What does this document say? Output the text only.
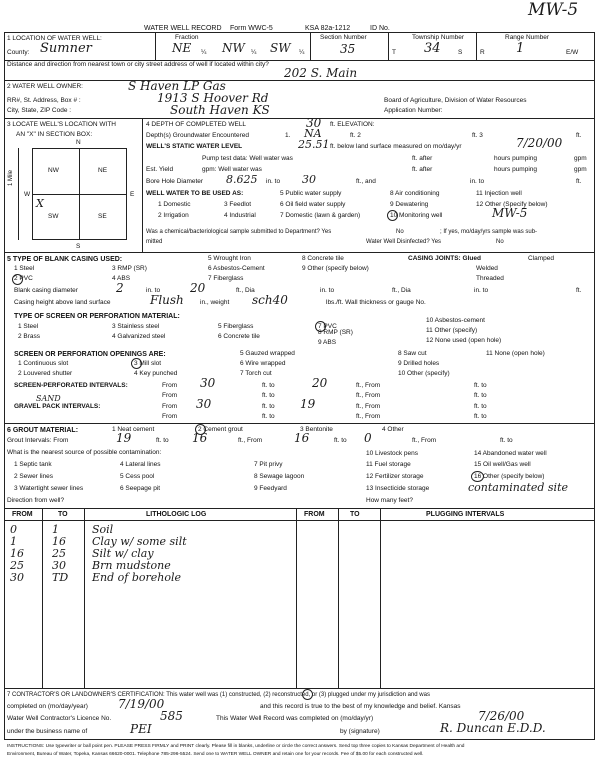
MW-5
WATER WELL RECORD Form WWC-5	KSA 82a-1212	ID No.
1 LOCATION OF WATER WELL:
County: Sumner
Fraction
NE ¼ NW ¼ SW ¼
Section Number
35
Township Number
T 34	S
Range Number
R 1	E/W
Distance and direction from nearest town or city street address of well if located within city?
202 S. Main
2 WATER WELL OWNER:	S Haven LP Gas
RR#, St. Address, Box # :	1913 S Hoover Rd
City, State, ZIP Code :	South Haven KS
Board of Agriculture, Division of Water Resources
Application Number:
3 LOCATE WELL'S LOCATION WITH
AN "X" IN SECTION BOX:
N
S
W	E
NW	NE
SW	SE
X
1 Mile
4 DEPTH OF COMPLETED WELL	30 ft. ELEVATION:
Depth(s) Groundwater Encountered	1. NA	ft. 2	ft. 3	ft.
WELL'S STATIC WATER LEVEL	25.51 ft. below land surface measured on mo/day/yr	7/20/00
Pump test data: Well water was	ft. after	hours pumping	gpm
Est. Yield	gpm: Well water was	ft. after	hours pumping	gpm
Bore Hole Diameter 8.625 in. to 30	ft., and	in. to	ft.
WELL WATER TO BE USED AS:	5 Public water supply	8 Air conditioning	11 Injection well
1 Domestic	3 Feedlot	6 Oil field water supply	9 Dewatering	12 Other (Specify below)
2 Irrigation	4 Industrial	7 Domestic (lawn & garden)	10 Monitoring well	MW-5
Was a chemical/bacteriological sample submitted to Department? Yes	No	; If yes, mo/day/yrs sample was sub-
mitted	Water Well Disinfected? Yes	No
5 TYPE OF BLANK CASING USED:	5 Wrought Iron	8 Concrete tile	CASING JOINTS: Glued	Clamped
1 Steel	3 RMP (SR)	6 Asbestos-Cement	9 Other (specify below)	Welded
2 PVC	4 ABS	7 Fiberglass	Threaded
Blank casing diameter	2	in. to 20	ft., Dia	in. to	ft., Dia	in. to	ft.
Casing height above land surface	Flush in., weight sch40	lbs./ft. Wall thickness or gauge No.
TYPE OF SCREEN OR PERFORATION MATERIAL:
1 Steel	3 Stainless steel	5 Fiberglass	7 PVC
10 Asbestos-cement
2 Brass	4 Galvanized steel	6 Concrete tile
8 RMP (SR)	11 Other (specify)
9 ABS	12 None used (open hole)
SCREEN OR PERFORATION OPENINGS ARE:	5 Gauzed wrapped	8 Saw cut	11 None (open hole)
1 Continuous slot	3 Mill slot	6 Wire wrapped	9 Drilled holes
2 Louvered shutter	4 Key punched	7 Torch cut	10 Other (specify)
SCREEN-PERFORATED INTERVALS:	From 30	ft. to	20	ft., From	ft. to
From	ft. to	ft., From	ft. to
SAND
GRAVEL PACK INTERVALS:	From 30	ft. to 19	ft., From	ft. to
From	ft. to	ft., From	ft. to
6 GROUT MATERIAL:	1 Neat cement	2 Cement grout	3 Bentonite	4 Other
Grout Intervals: From	19	ft. to 16	ft., From	16	ft. to 0	ft., From	ft. to
What is the nearest source of possible contamination:
1 Septic tank	4 Lateral lines	7 Pit privy
10 Livestock pens	14 Abandoned water well
2 Sewer lines	5 Cess pool	8 Sewage lagoon
11 Fuel storage	15 Oil well/Gas well
3 Watertight sewer lines	6 Seepage pit	9 Feedyard
12 Fertilizer storage	16 Other (specify below)
13 Insecticide storage	contaminated site
Direction from well?	How many feet?
FROM	TO	LITHOLOGIC LOG	FROM	TO	PLUGGING INTERVALS
0	1	Soil
1	16 Clay w/ some silt
16	25 Silt w/ clay
25	30 Brn mudstone
30	TD End of borehole
7 CONTRACTOR'S OR LANDOWNER'S CERTIFICATION: This water well was (1) constructed, (2) reconstructed, or (3) plugged under my jurisdiction and was
completed on (mo/day/year)	7/19/00	and this record is true to the best of my knowledge and belief. Kansas
Water Well Contractor's Licence No.	585	This Water Well Record was completed on (mo/day/yr)	7/26/00
under the business name of	PEI	by (signature)	R. Duncan E.D.D.
INSTRUCTIONS: Use typewriter or ball point pen. PLEASE PRESS FIRMLY and PRINT clearly. Please fill in blanks, underline or circle the correct answers. Send top three copies to Kansas Department of Health and
Environment, Bureau of Water, Topeka, Kansas 66620-0001. Telephone 785-296-5524. Send one to WATER WELL OWNER and retain one for your records. Fee of $5.00 for each constructed well.
